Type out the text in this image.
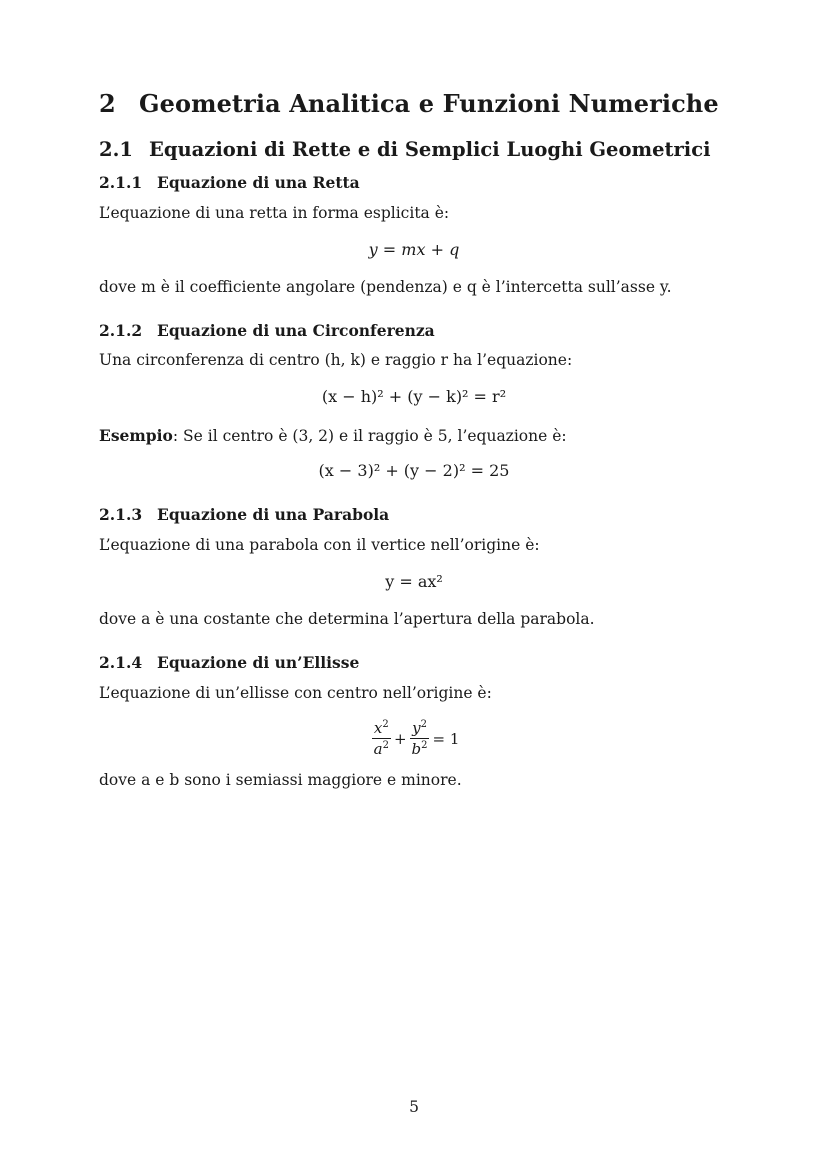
2 Geometria Analitica e Funzioni Numeriche
2.1 Equazioni di Rette e di Semplici Luoghi Geometrici
2.1.1 Equazione di una Retta
L’equazione di una retta in forma esplicita è:
y = mx + q
dove m è il coefficiente angolare (pendenza) e q è l’intercetta sull’asse y.
2.1.2 Equazione di una Circonferenza
Una circonferenza di centro (h, k) e raggio r ha l’equazione:
(x − h)² + (y − k)² = r²
Esempio: Se il centro è (3, 2) e il raggio è 5, l’equazione è:
(x − 3)² + (y − 2)² = 25
2.1.3 Equazione di una Parabola
L’equazione di una parabola con il vertice nell’origine è:
y = ax²
dove a è una costante che determina l’apertura della parabola.
2.1.4 Equazione di un’Ellisse
L’equazione di un’ellisse con centro nell’origine è:
$\frac{x^2}{a^2} + \frac{y^2}{b^2} = 1$
dove a e b sono i semiassi maggiore e minore.
5
